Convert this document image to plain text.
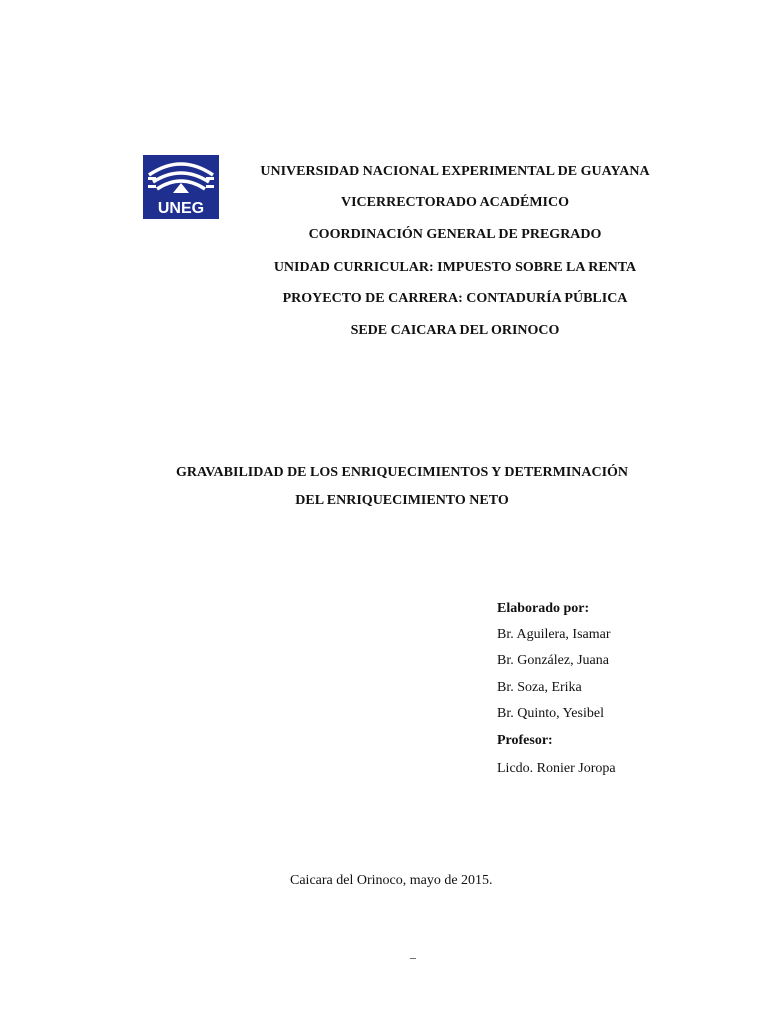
UNEG
UNIVERSIDAD NACIONAL EXPERIMENTAL DE GUAYANA
VICERRECTORADO ACADÉMICO
COORDINACIÓN GENERAL DE PREGRADO
UNIDAD CURRICULAR: IMPUESTO SOBRE LA RENTA
PROYECTO DE CARRERA: CONTADURÍA PÚBLICA
SEDE CAICARA DEL ORINOCO
GRAVABILIDAD DE LOS ENRIQUECIMIENTOS Y DETERMINACIÓN
DEL ENRIQUECIMIENTO NETO
Elaborado por:
Br. Aguilera, Isamar
Br. González, Juana
Br. Soza, Erika
Br. Quinto, Yesibel
Profesor:
Licdo. Ronier Joropa
Caicara del Orinoco, mayo de 2015.
–
